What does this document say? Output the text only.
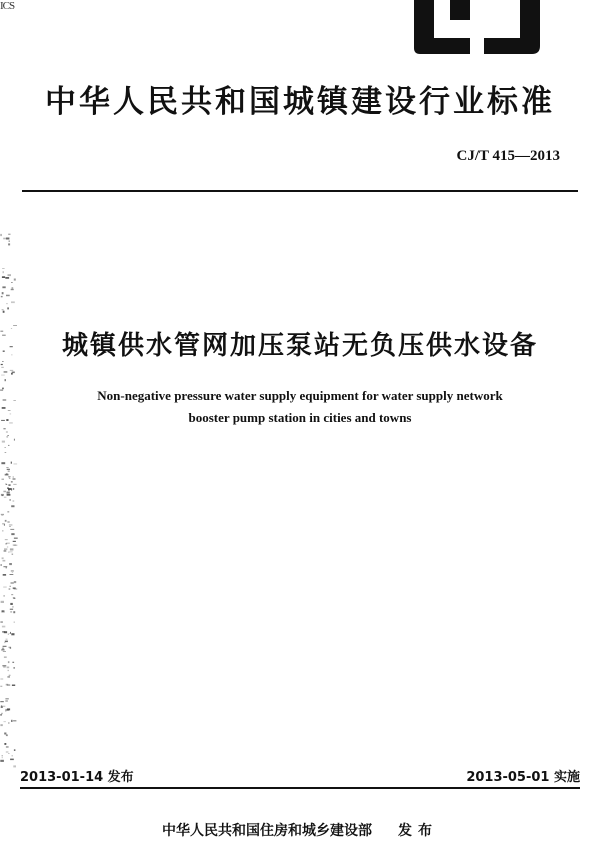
ICS
中华人民共和国城镇建设行业标准
CJ/T 415—2013
城镇供水管网加压泵站无负压供水设备
Non-negative pressure water supply equipment for water supply network
booster pump station in cities and towns
2013-01-14 发布	2013-05-01 实施
中华人民共和国住房和城乡建设部 发布
